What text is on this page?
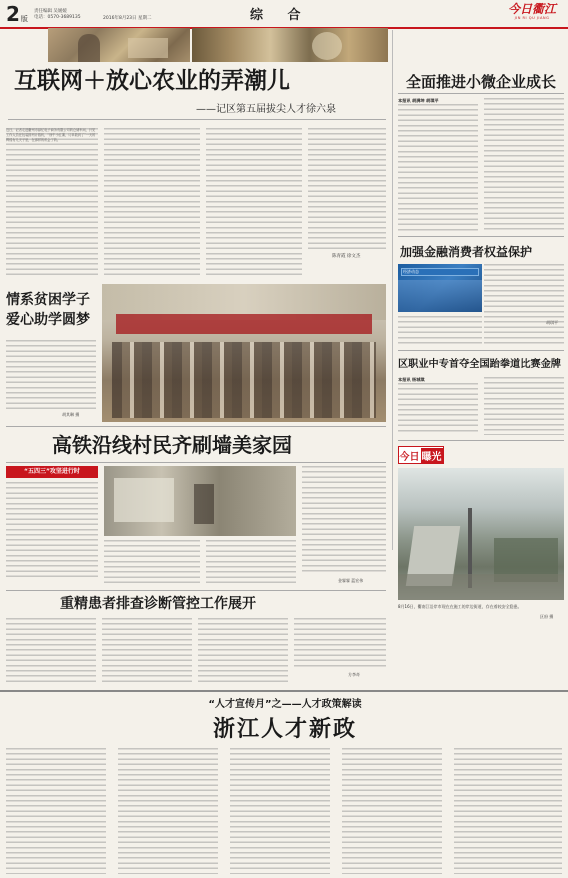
2 版
责任编辑 吴媛媛
电话：0570-3689135	2016年8月23日 星期二	综 合	今日衢江
JIN RI QU JIANG
互联网＋放心农业的弄潮儿
——记区第五届拔尖人才徐六泉
近日，记者走进衢州市绿忆电子商务有限公司的仓储车间，只见工作人员在包装排列计数机，“徐午小红薯，订单数到了”一天的辉煌有几天子里，在那样的机会了的。

陈青霞 徐文杰
全面推进小微企业成长
本报讯 胡满坤 胡琪平
加强金融消费者权益保护
经济动态
胡琪平
区职业中专首夺全国跆拳道比赛金牌
本报讯 杨城琪
今日 曝光
8月16日，衢南江沿岸市现在在施工的岸边街道，存在着较安全隐患。
区府 摄
情系贫困学子
爱心助学圆梦
胡其琳 摄
高铁沿线村民齐刷墙美家园
“五四三”攻坚进行时
金霖霖 蓝宏伟
重精患者排查诊断管控工作展开
方李奇
“人才宣传月”之——人才政策解读
浙江人才新政
